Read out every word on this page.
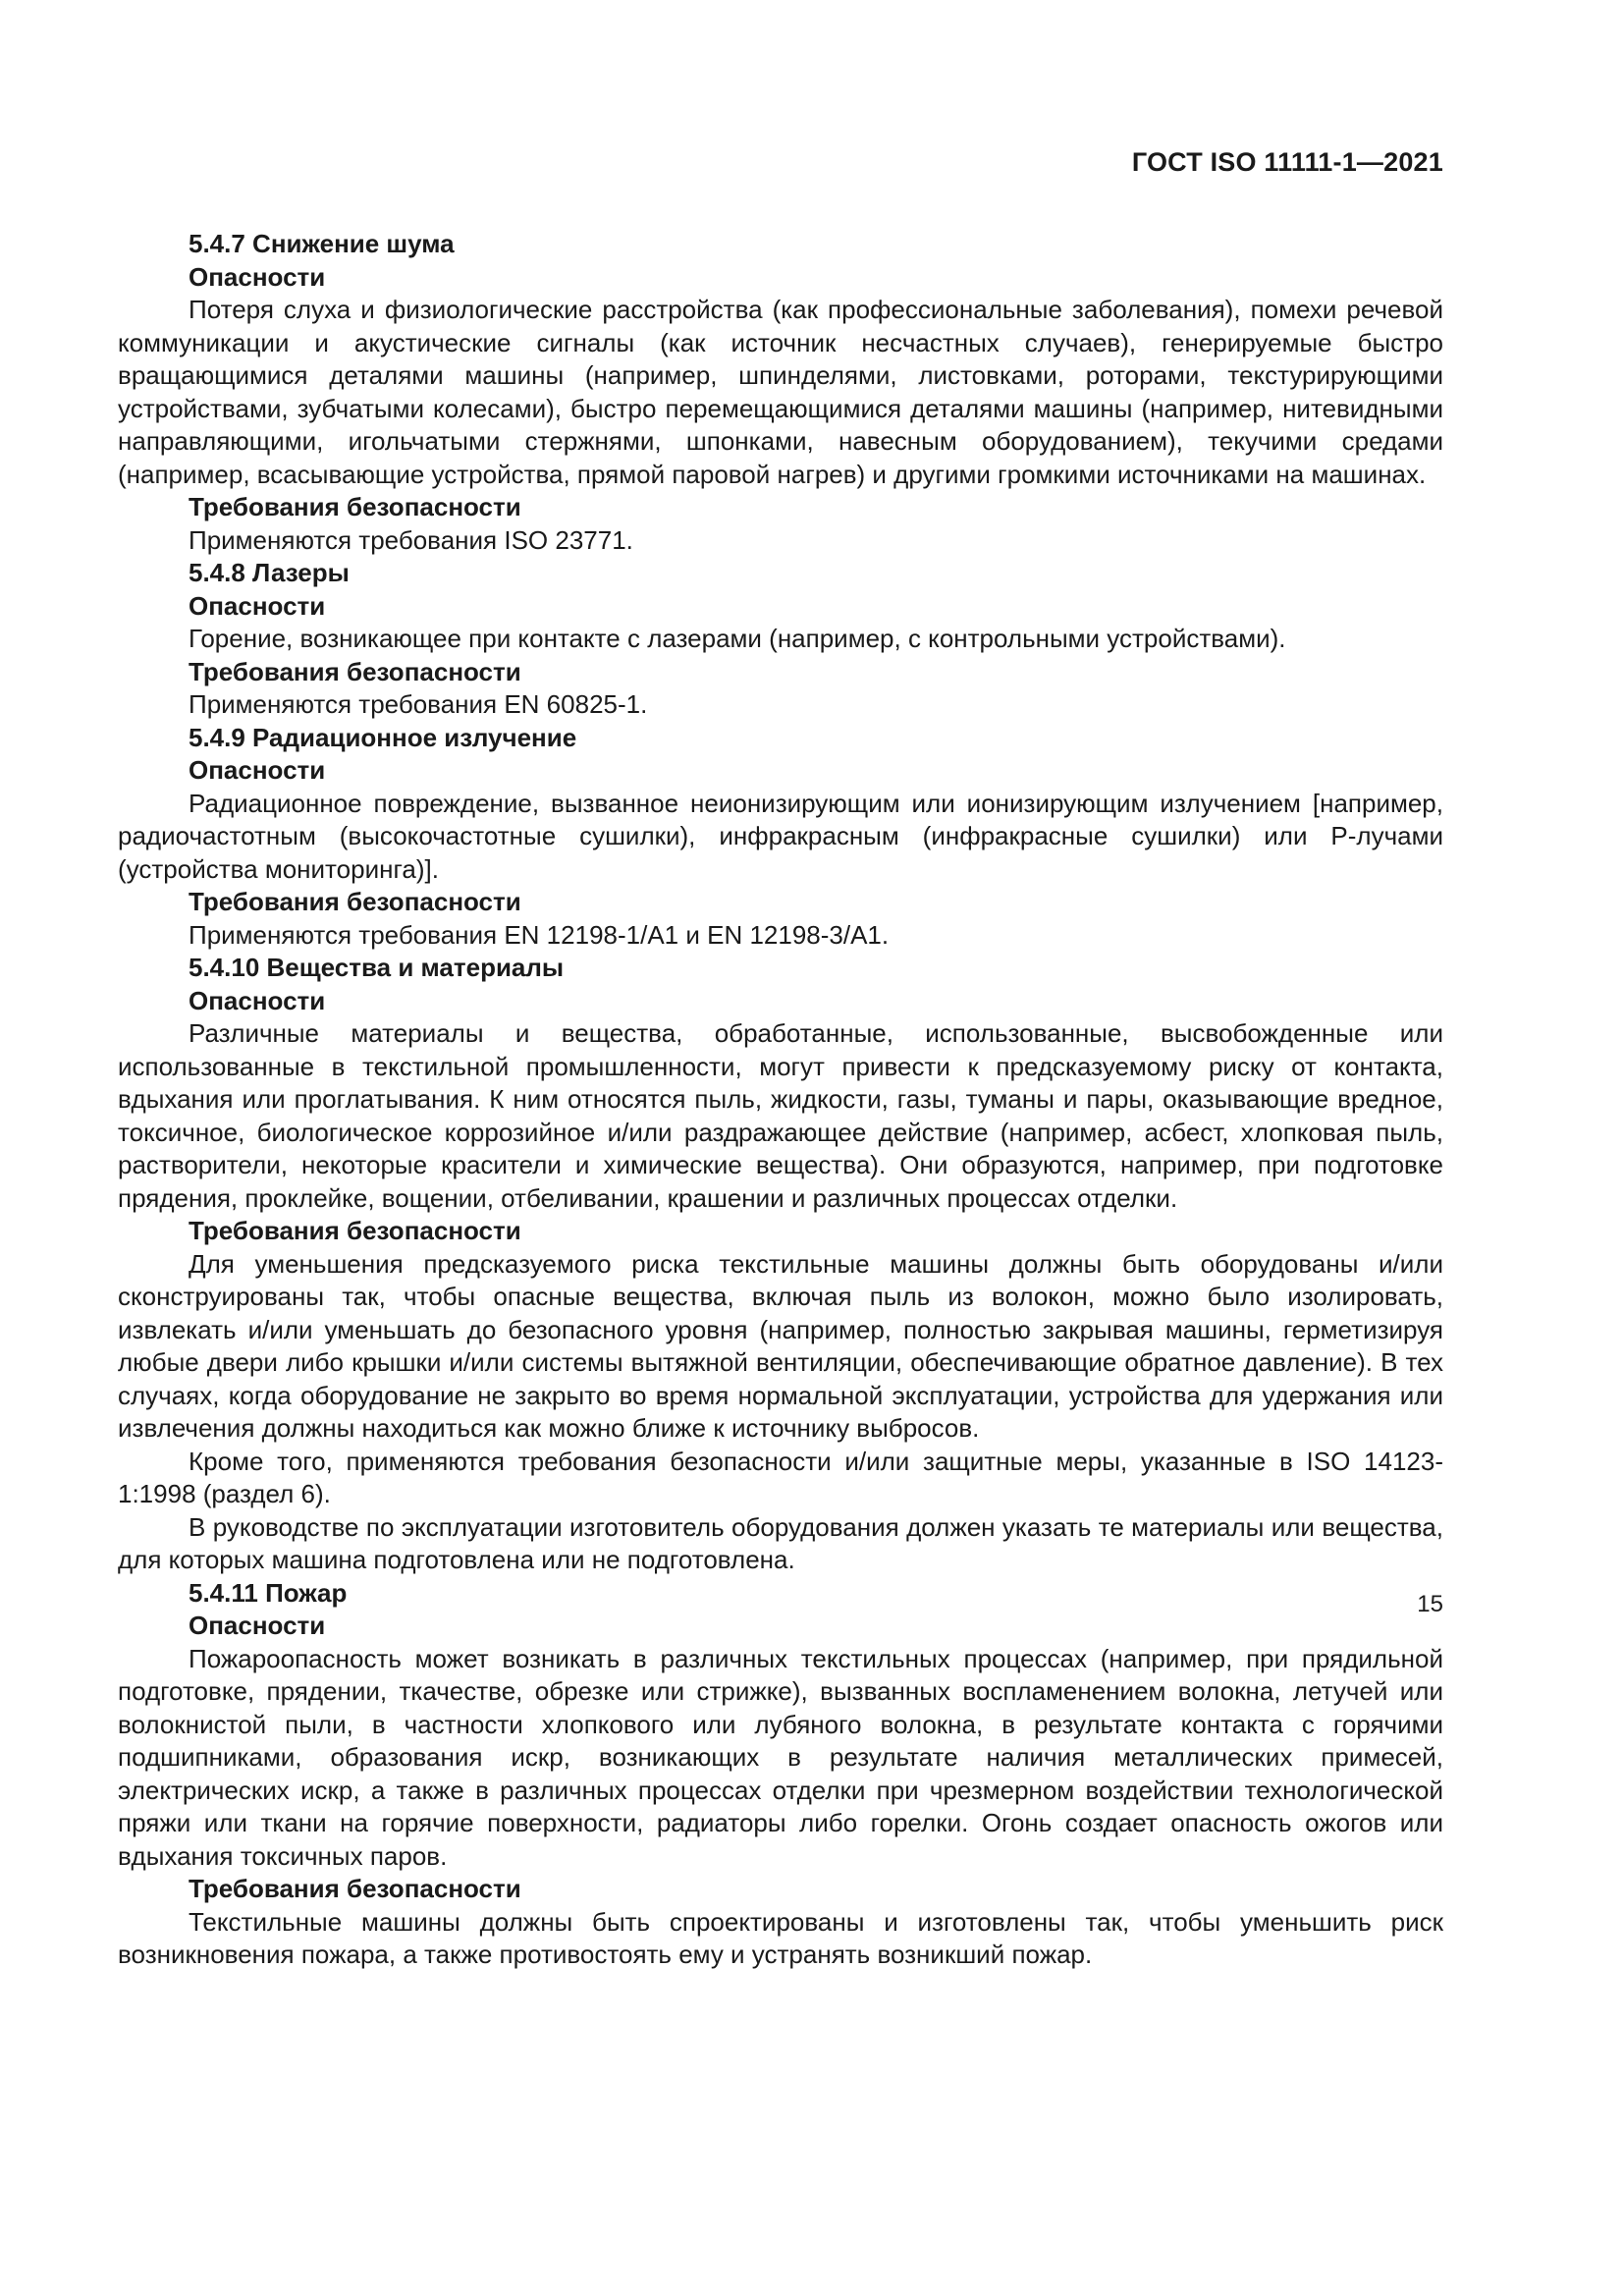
ГОСТ ISO 11111-1—2021

5.4.7 Снижение шума

Опасности

Потеря слуха и физиологические расстройства (как профессиональные заболевания), помехи речевой коммуникации и акустические сигналы (как источник несчастных случаев), генерируемые быстро вращающимися деталями машины (например, шпинделями, листовками, роторами, текстурирующими устройствами, зубчатыми колесами), быстро перемещающимися деталями машины (например, нитевидными направляющими, игольчатыми стержнями, шпонками, навесным оборудованием), текучими средами (например, всасывающие устройства, прямой паровой нагрев) и другими громкими источниками на машинах.

Требования безопасности

Применяются требования ISO 23771.

5.4.8 Лазеры

Опасности

Горение, возникающее при контакте с лазерами (например, с контрольными устройствами).

Требования безопасности

Применяются требования EN 60825-1.

5.4.9 Радиационное излучение

Опасности

Радиационное повреждение, вызванное неионизирующим или ионизирующим излучением [например, радиочастотным (высокочастотные сушилки), инфракрасным (инфракрасные сушилки) или Р-лучами (устройства мониторинга)].

Требования безопасности

Применяются требования EN 12198-1/A1 и EN 12198-3/A1.

5.4.10 Вещества и материалы

Опасности

Различные материалы и вещества, обработанные, использованные, высвобожденные или использованные в текстильной промышленности, могут привести к предсказуемому риску от контакта, вдыхания или проглатывания. К ним относятся пыль, жидкости, газы, туманы и пары, оказывающие вредное, токсичное, биологическое коррозийное и/или раздражающее действие (например, асбест, хлопковая пыль, растворители, некоторые красители и химические вещества). Они образуются, например, при подготовке прядения, проклейке, вощении, отбеливании, крашении и различных процессах отделки.

Требования безопасности

Для уменьшения предсказуемого риска текстильные машины должны быть оборудованы и/или сконструированы так, чтобы опасные вещества, включая пыль из волокон, можно было изолировать, извлекать и/или уменьшать до безопасного уровня (например, полностью закрывая машины, герметизируя любые двери либо крышки и/или системы вытяжной вентиляции, обеспечивающие обратное давление). В тех случаях, когда оборудование не закрыто во время нормальной эксплуатации, устройства для удержания или извлечения должны находиться как можно ближе к источнику выбросов.

Кроме того, применяются требования безопасности и/или защитные меры, указанные в ISO 14123-1:1998 (раздел 6).

В руководстве по эксплуатации изготовитель оборудования должен указать те материалы или вещества, для которых машина подготовлена или не подготовлена.

5.4.11 Пожар

Опасности

Пожароопасность может возникать в различных текстильных процессах (например, при прядильной подготовке, прядении, ткачестве, обрезке или стрижке), вызванных воспламенением волокна, летучей или волокнистой пыли, в частности хлопкового или лубяного волокна, в результате контакта с горячими подшипниками, образования искр, возникающих в результате наличия металлических примесей, электрических искр, а также в различных процессах отделки при чрезмерном воздействии технологической пряжи или ткани на горячие поверхности, радиаторы либо горелки. Огонь создает опасность ожогов или вдыхания токсичных паров.

Требования безопасности

Текстильные машины должны быть спроектированы и изготовлены так, чтобы уменьшить риск возникновения пожара, а также противостоять ему и устранять возникший пожар.

15
